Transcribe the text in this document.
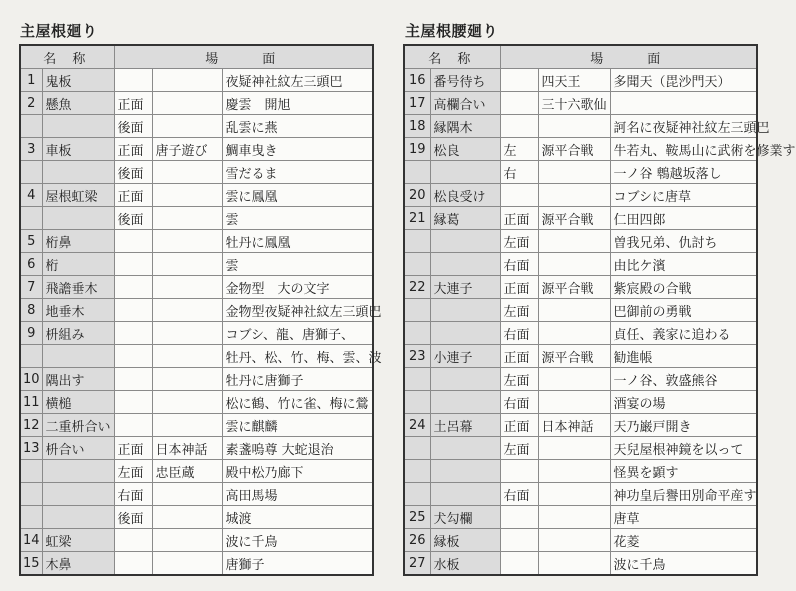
主屋根廻り
名 称		場　　面		
1	鬼板			夜疑神社紋左三頭巴
2	懸魚	正面		慶雲　開旭
		後面		乱雲に燕
3	車板	正面	唐子遊び	鯛車曳き
		後面		雪だるま
4	屋根虹梁	正面		雲に鳳凰
		後面		雲
5	桁鼻			牡丹に鳳凰
6	桁			雲
7	飛譫垂木			金物型　大の文字
8	地垂木			金物型夜疑神社紋左三頭巴
9	枡組み			コブシ、龍、唐獅子、
				牡丹、松、竹、梅、雲、波
10	隅出す			牡丹に唐獅子
11	横槌			松に鶴、竹に雀、梅に鶯
12	二重枡合い			雲に麒麟
13	枡合い	正面	日本神話	素盞嗚尊 大蛇退治
		左面	忠臣蔵	殿中松乃廊下
		右面		高田馬場
		後面		城渡
14	虹梁			波に千鳥
15	木鼻			唐獅子
主屋根腰廻り
名 称		場　　面		
16	番号待ち		四天王	多聞天（毘沙門天）
17	高欄合い		三十六歌仙	
18	縁隅木			訶名に夜疑神社紋左三頭巴
19	松良	左	源平合戦	牛若丸、鞍馬山に武術を修業す
		右		一ノ谷 鵯越坂落し
20	松良受け			コブシに唐草
21	縁葛	正面	源平合戦	仁田四郎
		左面		曽我兄弟、仇討ち
		右面		由比ケ濱
22	大連子	正面	源平合戦	紫宸殿の合戦
		左面		巴御前の勇戦
		右面		貞任、義家に追わる
23	小連子	正面	源平合戦	勧進帳
		左面		一ノ谷、敦盛熊谷
		右面		酒宴の場
24	土呂幕	正面	日本神話	天乃巌戸開き
		左面		天兒屋根神鏡を以って
				怪異を顕す
		右面		神功皇后譽田別命平産す
25	犬勾欄			唐草
26	縁板			花菱
27	水板			波に千鳥
